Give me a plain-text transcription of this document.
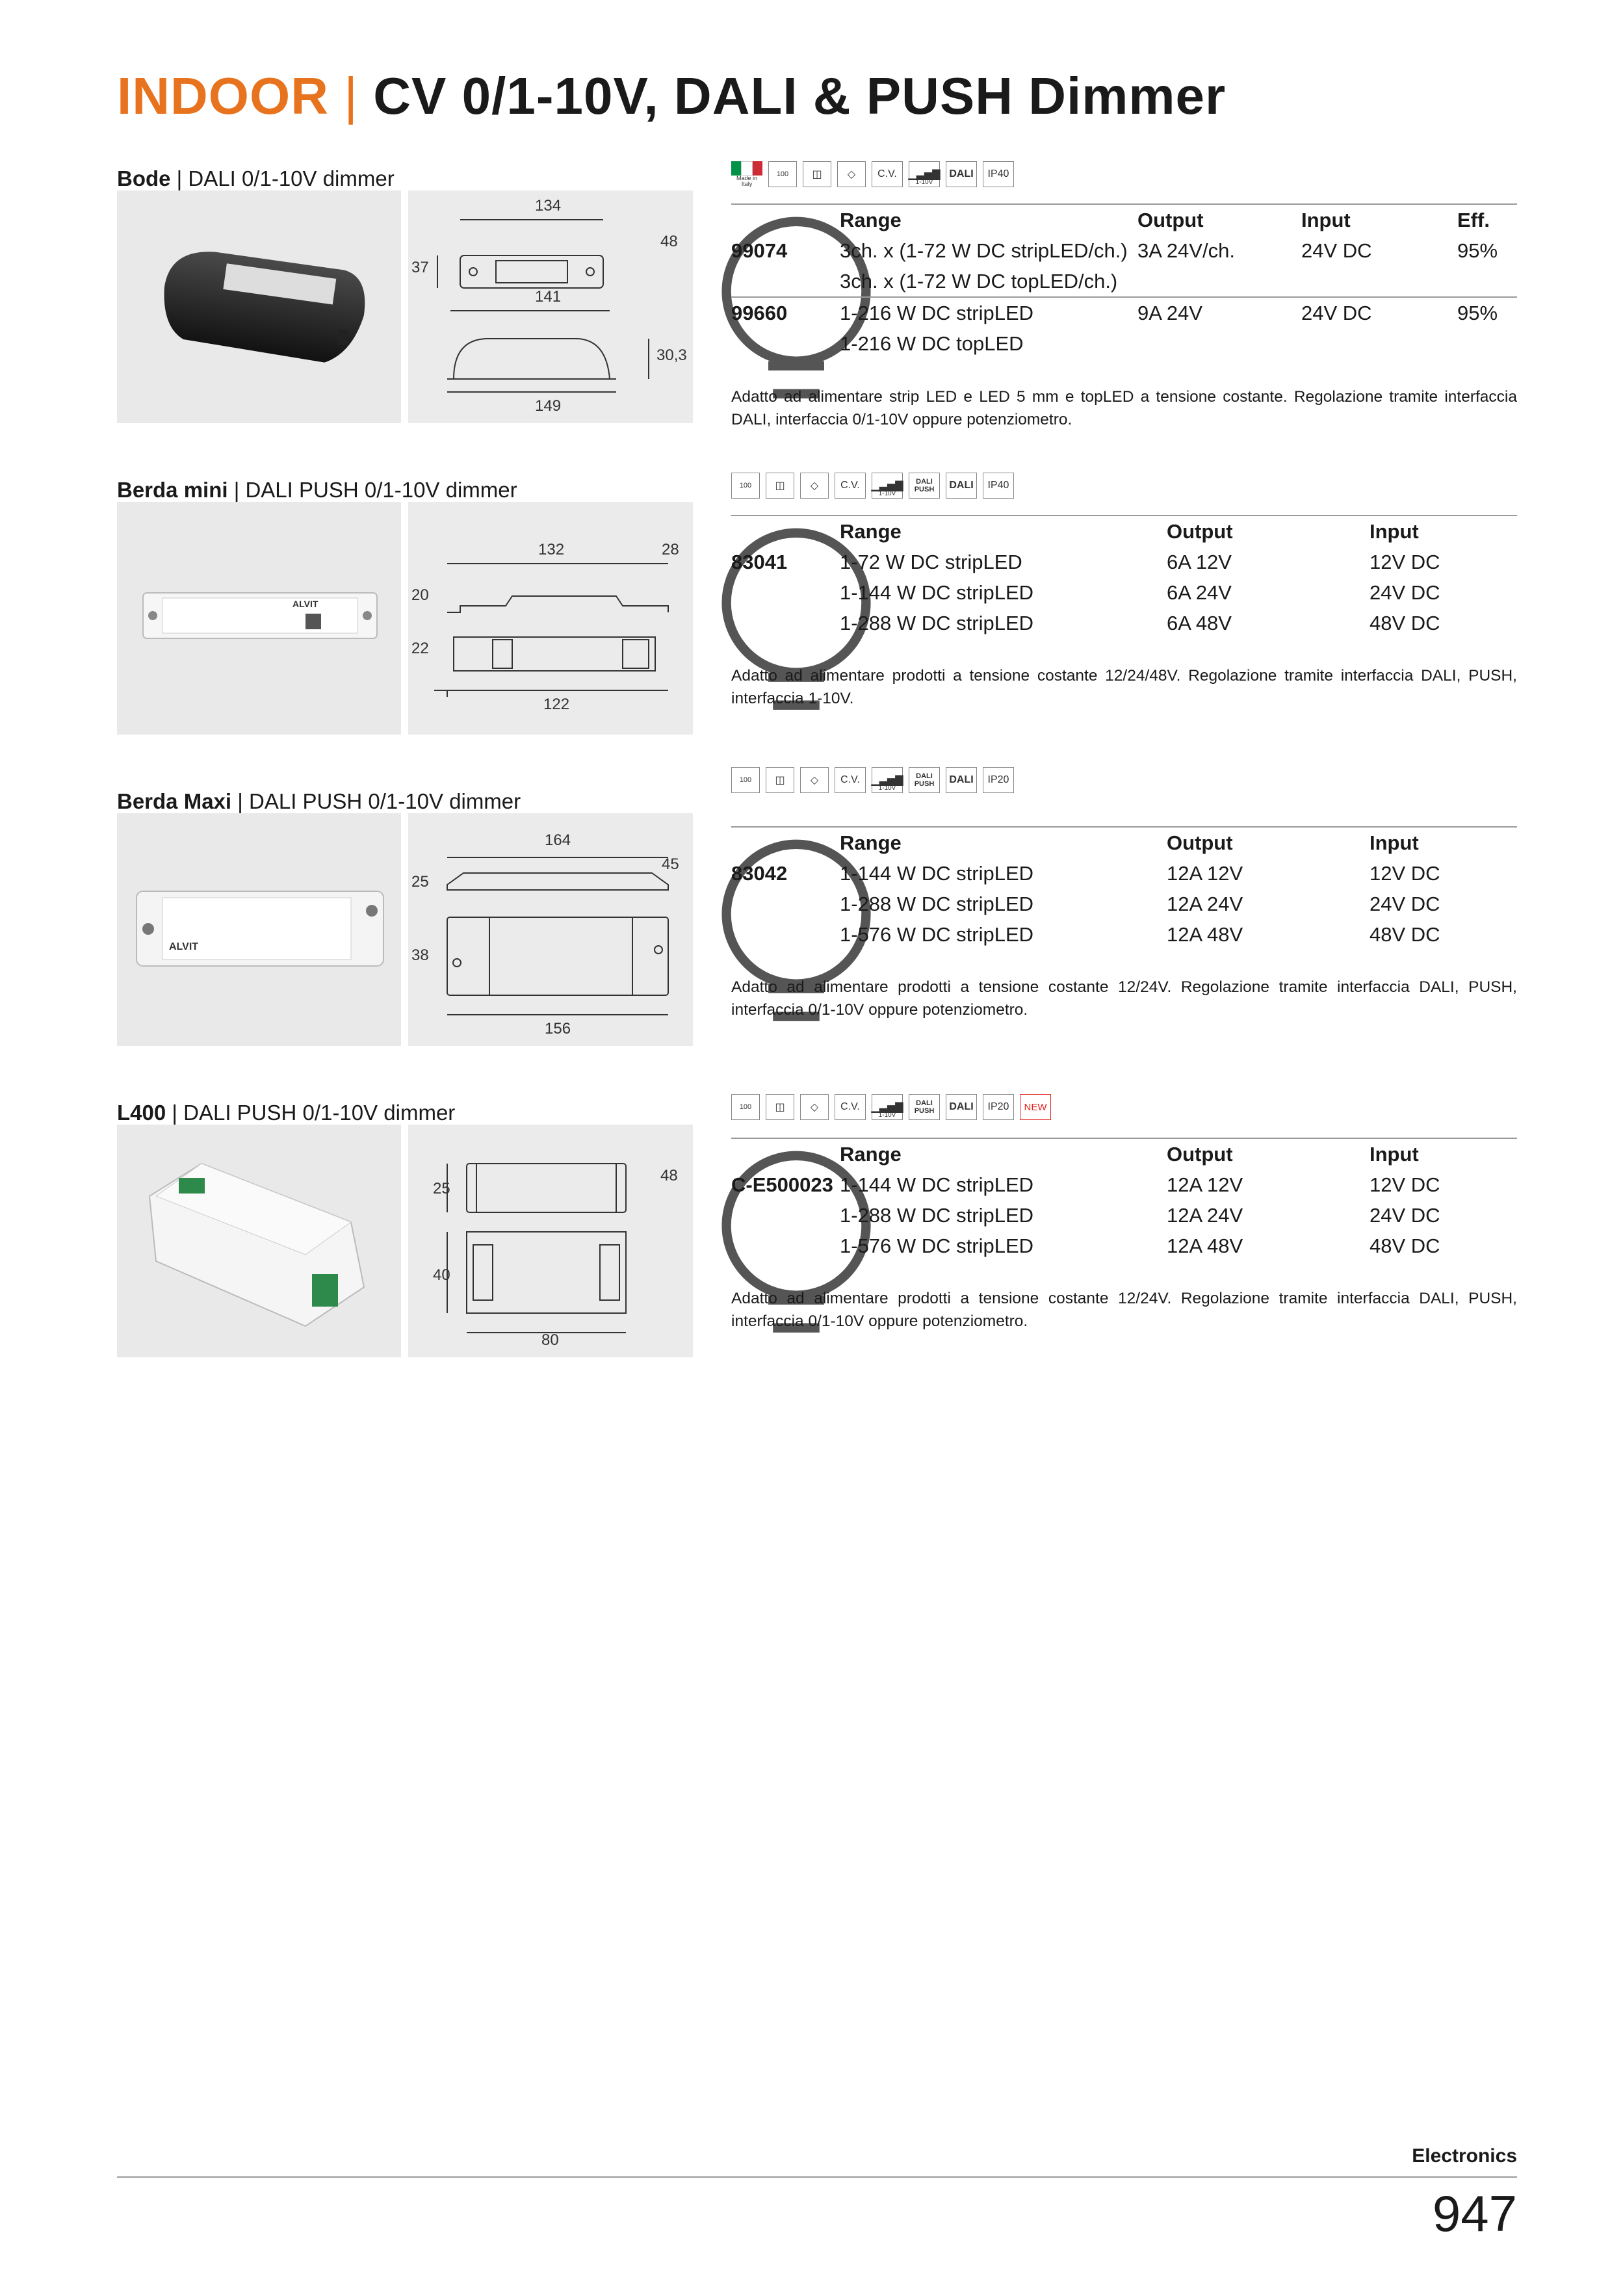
INDOOR | CV 0/1-10V, DALI & PUSH Dimmer
Bode | DALI 0/1-10V dimmer
134
48
37
141
30,3
149
Made in Italy
100	◫	◇	C.V.	▁▃▅▇
1-10V
DALI	IP40
Range	Output	Input	Eff.
99074	3ch. x (1-72 W DC stripLED/ch.) 3A 24V/ch.	24V DC	95%
3ch. x (1-72 W DC topLED/ch.)
99660	1-216 W DC stripLED	9A 24V	24V DC	95%
1-216 W DC topLED
Adatto ad alimentare strip LED e LED 5 mm e topLED a tensione costante. Regolazione tramite interfaccia DALI, interfaccia 0/1-10V oppure potenziometro.
Berda mini | DALI PUSH 0/1-10V dimmer
ALVIT
132	28
20
22
122
100	◫	◇	C.V.	▁▃▅▇
1-10V
DALI PUSH	DALI	IP40
Range	Output	Input
83041	1-72 W DC stripLED	6A 12V	12V DC
1-144 W DC stripLED	6A 24V	24V DC
1-288 W DC stripLED	6A 48V	48V DC
Adatto ad alimentare prodotti a tensione costante 12/24/48V. Regolazione tramite interfaccia DALI, PUSH, interfaccia 1-10V.
Berda Maxi | DALI PUSH 0/1-10V dimmer
ALVIT
164
45
25
38
156
100	◫	◇	C.V.	▁▃▅▇
1-10V
DALI PUSH	DALI	IP20
Range	Output	Input
83042	1-144 W DC stripLED	12A 12V	12V DC
1-288 W DC stripLED	12A 24V	24V DC
1-576 W DC stripLED	12A 48V	48V DC
Adatto ad alimentare prodotti a tensione costante 12/24V. Regolazione tramite interfaccia DALI, PUSH, interfaccia 0/1-10V oppure potenziometro.
L400 | DALI PUSH 0/1-10V dimmer
48
25
40
80
100	◫	◇	C.V.	▁▃▅▇
1-10V
DALI PUSH	DALI	IP20	NEW
Range	Output	Input
C-E500023 1-144 W DC stripLED	12A 12V	12V DC
1-288 W DC stripLED	12A 24V	24V DC
1-576 W DC stripLED	12A 48V	48V DC
Adatto ad alimentare prodotti a tensione costante 12/24V. Regolazione tramite interfaccia DALI, PUSH, interfaccia 0/1-10V oppure potenziometro.
Electronics
947
